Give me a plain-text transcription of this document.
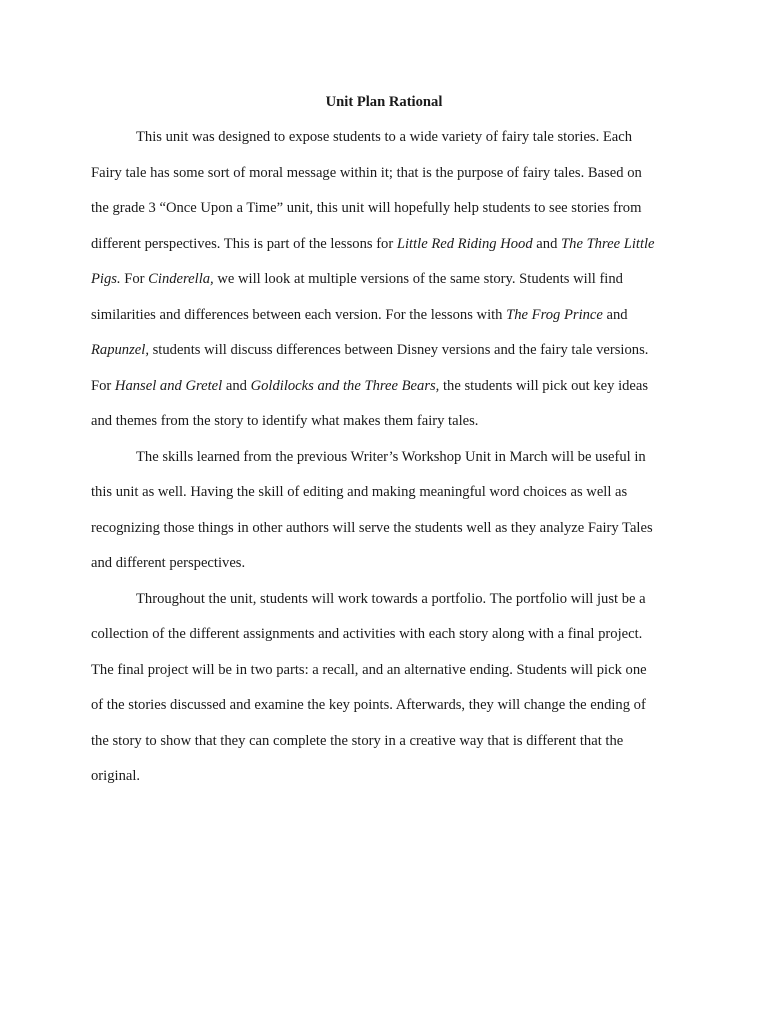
Unit Plan Rational
This unit was designed to expose students to a wide variety of fairy tale stories. Each
Fairy tale has some sort of moral message within it; that is the purpose of fairy tales. Based on
the grade 3 “Once Upon a Time” unit, this unit will hopefully help students to see stories from
different perspectives. This is part of the lessons for Little Red Riding Hood and The Three Little
Pigs. For Cinderella, we will look at multiple versions of the same story. Students will find
similarities and differences between each version. For the lessons with The Frog Prince and
Rapunzel, students will discuss differences between Disney versions and the fairy tale versions.
For Hansel and Gretel and Goldilocks and the Three Bears, the students will pick out key ideas
and themes from the story to identify what makes them fairy tales.
The skills learned from the previous Writer’s Workshop Unit in March will be useful in
this unit as well. Having the skill of editing and making meaningful word choices as well as
recognizing those things in other authors will serve the students well as they analyze Fairy Tales
and different perspectives.
Throughout the unit, students will work towards a portfolio. The portfolio will just be a
collection of the different assignments and activities with each story along with a final project.
The final project will be in two parts: a recall, and an alternative ending. Students will pick one
of the stories discussed and examine the key points. Afterwards, they will change the ending of
the story to show that they can complete the story in a creative way that is different that the
original.
